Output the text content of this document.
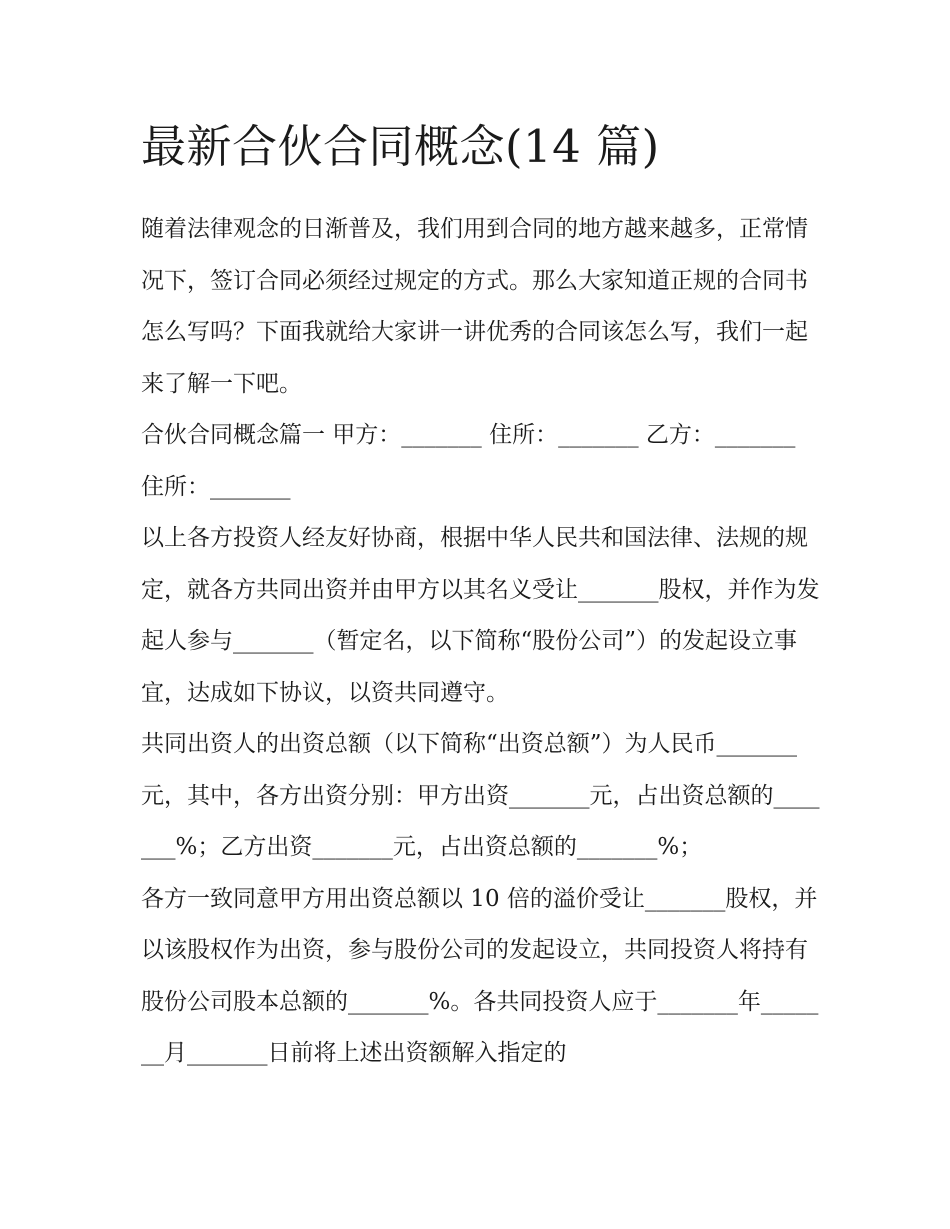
最新合伙合同概念(14 篇)

随着法律观念的日渐普及，我们用到合同的地方越来越多，正常情况下，签订合同必须经过规定的方式。那么大家知道正规的合同书怎么写吗？下面我就给大家讲一讲优秀的合同该怎么写，我们一起来了解一下吧。

合伙合同概念篇一 甲方：_______ 住所：_______ 乙方：_______ 住所：_______

以上各方投资人经友好协商，根据中华人民共和国法律、法规的规定，就各方共同出资并由甲方以其名义受让_______股权，并作为发起人参与_______（暂定名，以下简称“股份公司”）的发起设立事宜，达成如下协议，以资共同遵守。

共同出资人的出资总额（以下简称“出资总额”）为人民币_______元，其中，各方出资分别：甲方出资_______元，占出资总额的_______%；乙方出资_______元，占出资总额的_______%；

各方一致同意甲方用出资总额以 10 倍的溢价受让_______股权，并以该股权作为出资，参与股份公司的发起设立，共同投资人将持有股份公司股本总额的_______%。各共同投资人应于_______年_______月_______日前将上述出资额解入指定的
